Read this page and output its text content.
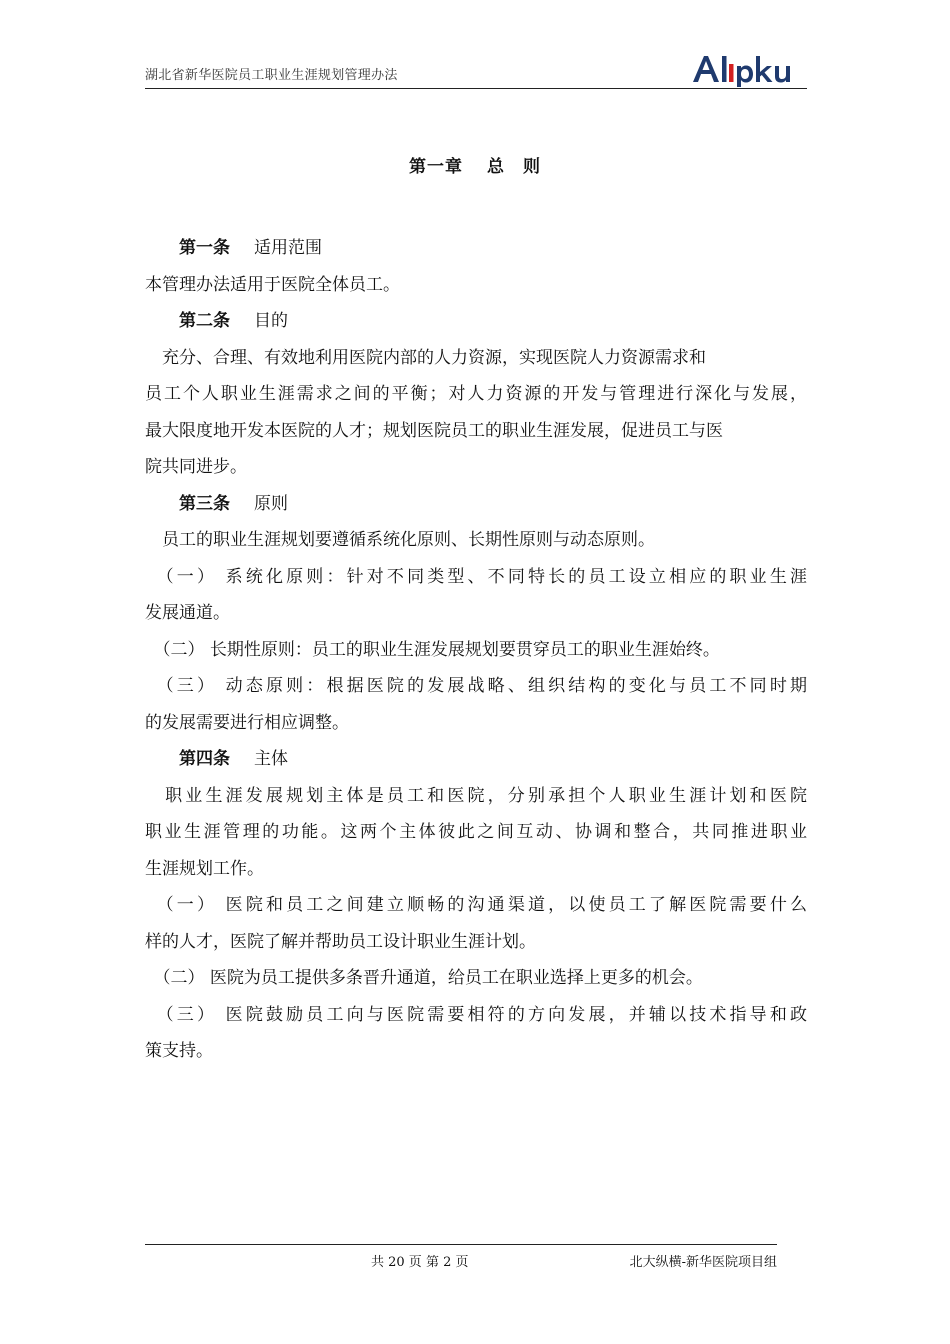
湖北省新华医院员工职业生涯规划管理办法
第一章 总　则
第一条 适用范围
本管理办法适用于医院全体员工。
第二条 目的
　充分、合理、有效地利用医院内部的人力资源，实现医院人力资源需求和
员工个人职业生涯需求之间的平衡；对人力资源的开发与管理进行深化与发展，
最大限度地开发本医院的人才；规划医院员工的职业生涯发展，促进员工与医
院共同进步。
第三条 原则
　员工的职业生涯规划要遵循系统化原则、长期性原则与动态原则。
　（一） 系统化原则：针对不同类型、不同特长的员工设立相应的职业生涯
发展通道。
　（二） 长期性原则：员工的职业生涯发展规划要贯穿员工的职业生涯始终。
　（三） 动态原则：根据医院的发展战略、组织结构的变化与员工不同时期
的发展需要进行相应调整。
第四条 主体
　职业生涯发展规划主体是员工和医院，分别承担个人职业生涯计划和医院
职业生涯管理的功能。这两个主体彼此之间互动、协调和整合，共同推进职业
生涯规划工作。
　（一） 医院和员工之间建立顺畅的沟通渠道，以使员工了解医院需要什么
样的人才，医院了解并帮助员工设计职业生涯计划。
　（二） 医院为员工提供多条晋升通道，给员工在职业选择上更多的机会。
　（三） 医院鼓励员工向与医院需要相符的方向发展，并辅以技术指导和政
策支持。
共 20 页 第 2 页	北大纵横-新华医院项目组
